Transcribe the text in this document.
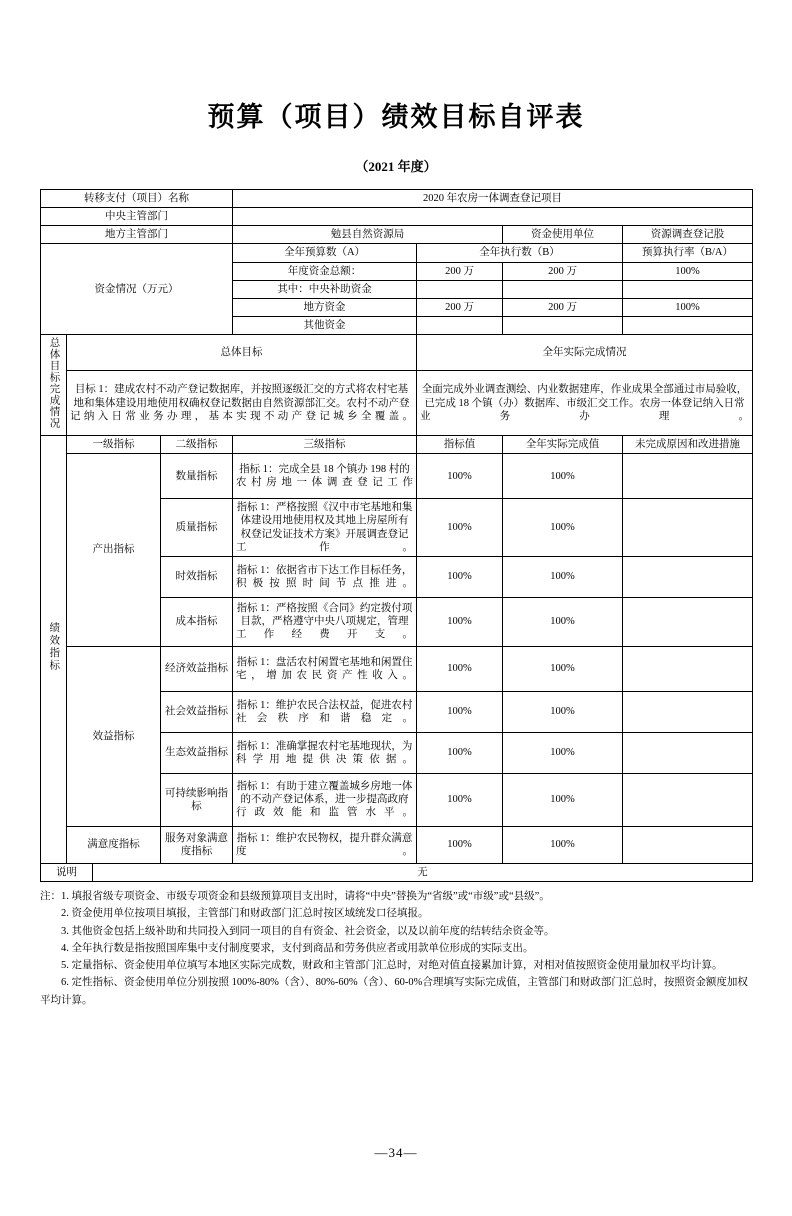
预算（项目）绩效目标自评表
（2021 年度）
转移支付（项目）名称				2020 年农房一体调查登记项目			
中央主管部门							
地方主管部门				勉县自然资源局		资金使用单位	资源调查登记股
资金情况（万元）				全年预算数（A）	全年执行数（B）		预算执行率（B/A）
				年度资金总额：	200 万	200 万	100%
				其中：中央补助资金			
				地方资金	200 万	200 万	100%
				其他资金			
总体目标完成情况	总体目标				全年实际完成情况		
	目标 1：建成农村不动产登记数据库，并按照逐级汇交的方式将农村宅基地和集体建设用地使用权确权登记数据由自然资源部汇交。农村不动产登记纳入日常业务办理，基本实现不动产登记城乡全覆盖。				全面完成外业调查测绘、内业数据建库，作业成果全部通过市局验收，已完成 18 个镇（办）数据库、市级汇交工作。农房一体登记纳入日常业务办理。		
绩效指标	一级指标		二级指标	三级指标	指标值	全年实际完成值	未完成原因和改进措施
	产出指标		数量指标	指标 1：完成全县 18 个镇办 198 村的农村房地一体调查登记工作	100%	100%	
			质量指标	指标 1：严格按照《汉中市宅基地和集体建设用地使用权及其地上房屋所有权登记发证技术方案》开展调查登记工作。	100%	100%	
			时效指标	指标 1：依据省市下达工作目标任务，积极按照时间节点推进。	100%	100%	
			成本指标	指标 1：严格按照《合同》约定拨付项目款，严格遵守中央八项规定，管理工作经费开支。	100%	100%	
	效益指标		经济效益指标	指标 1：盘活农村闲置宅基地和闲置住宅，增加农民资产性收入。	100%	100%	
			社会效益指标	指标 1：维护农民合法权益，促进农村社会秩序和谐稳定。	100%	100%	
			生态效益指标	指标 1：准确掌握农村宅基地现状，为科学用地提供决策依据。	100%	100%	
			可持续影响指标	指标 1：有助于建立覆盖城乡房地一体的不动产登记体系，进一步提高政府行政效能和监管水平。	100%	100%	
	满意度指标		服务对象满意度指标	指标 1：维护农民物权，提升群众满意度。	100%	100%	
说明		无					

注：1. 填报省级专项资金、市级专项资金和县级预算项目支出时，请将“中央”替换为“省级”或“市级”或“县级”。

2. 资金使用单位按项目填报，主管部门和财政部门汇总时按区域统发口径填报。

3. 其他资金包括上级补助和共同投入到同一项目的自有资金、社会资金，以及以前年度的结转结余资金等。

4. 全年执行数是指按照国库集中支付制度要求，支付到商品和劳务供应者或用款单位形成的实际支出。

5. 定量指标、资金使用单位填写本地区实际完成数，财政和主管部门汇总时，对绝对值直接累加计算，对相对值按照资金使用量加权平均计算。

6. 定性指标、资金使用单位分别按照 100%-80%（含）、80%-60%（含）、60-0%合理填写实际完成值，主管部门和财政部门汇总时，按照资金额度加权平均计算。

—34—
